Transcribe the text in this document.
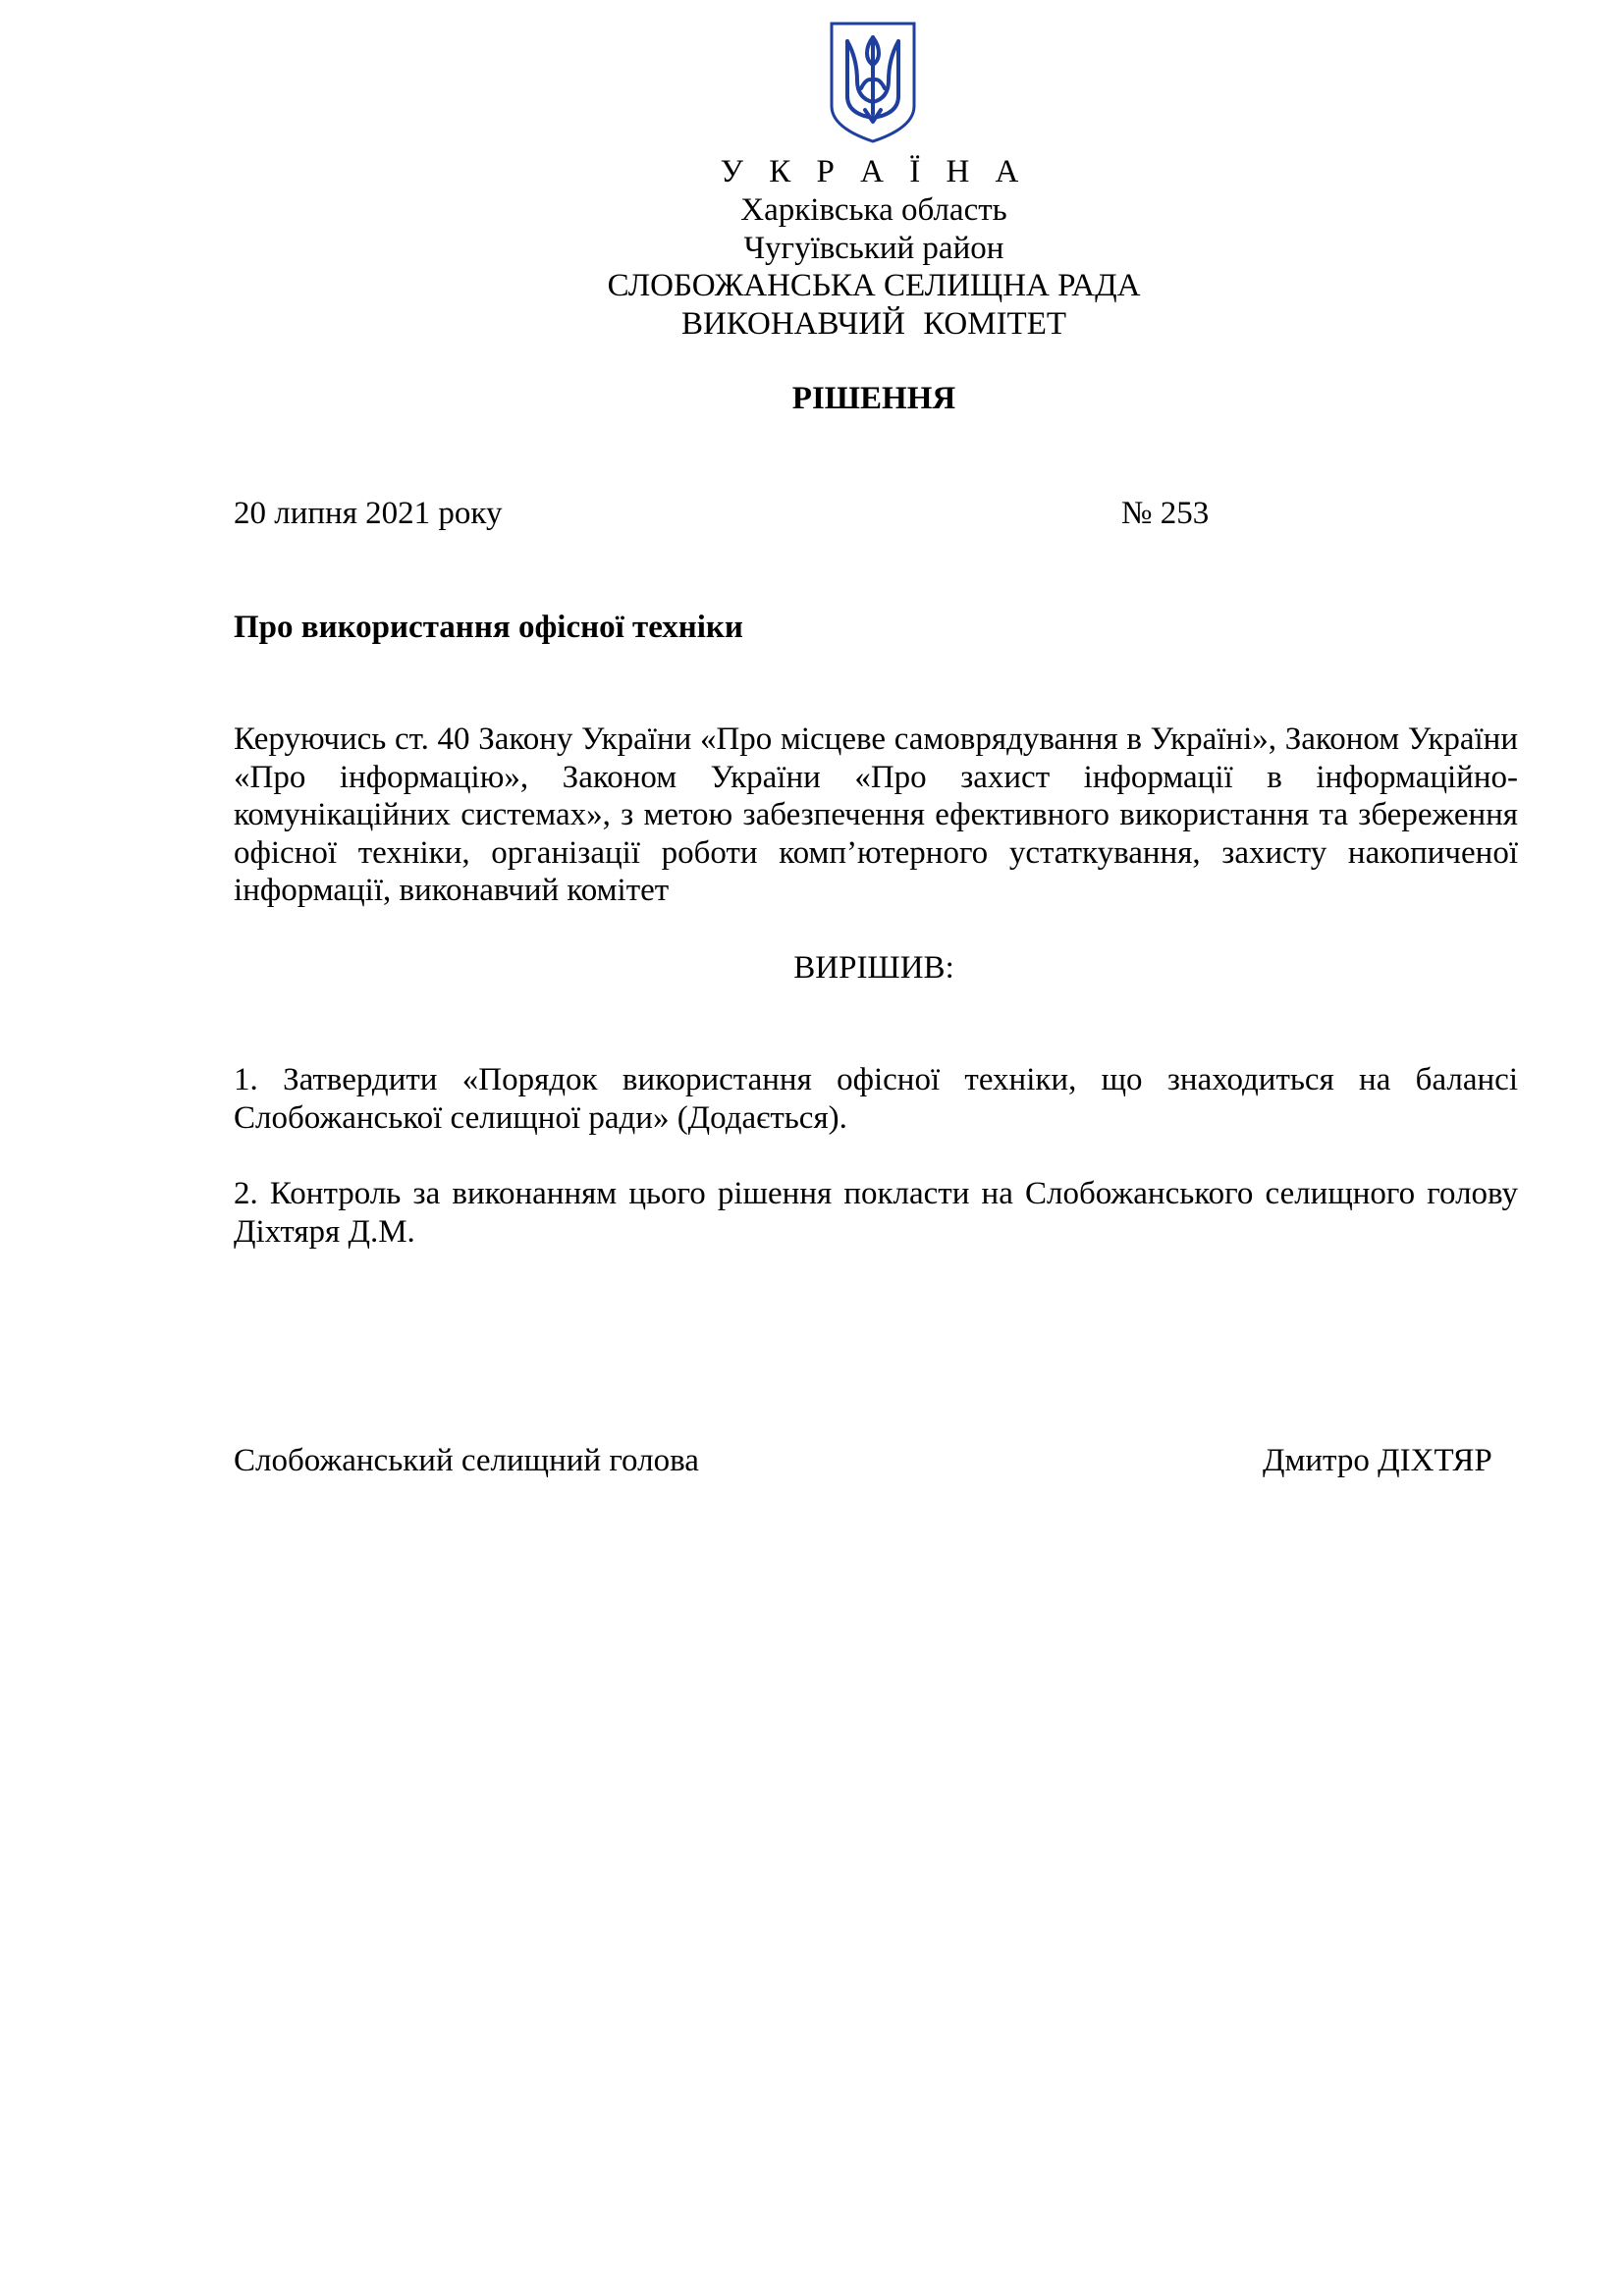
У К Р А Ї Н А
Харківська область
Чугуївський район
СЛОБОЖАНСЬКА СЕЛИЩНА РАДА
ВИКОНАВЧИЙ КОМІТЕТ
РІШЕННЯ
20 липня 2021 року	№ 253
Про використання офісної техніки
Керуючись ст. 40 Закону України «Про місцеве самоврядування в Україні», Законом України «Про інформацію», Законом України «Про захист інформації в інформаційно-комунікаційних системах», з метою забезпечення ефективного використання та збереження офісної техніки, організації роботи комп’ютерного устаткування, захисту накопиченої інформації, виконавчий комітет
ВИРІШИВ:
1. Затвердити «Порядок використання офісної техніки, що знаходиться на балансі Слобожанської селищної ради» (Додається).
2. Контроль за виконанням цього рішення покласти на Слобожанського селищного голову Діхтяря Д.М.
Слобожанський селищний голова	Дмитро ДІХТЯР
